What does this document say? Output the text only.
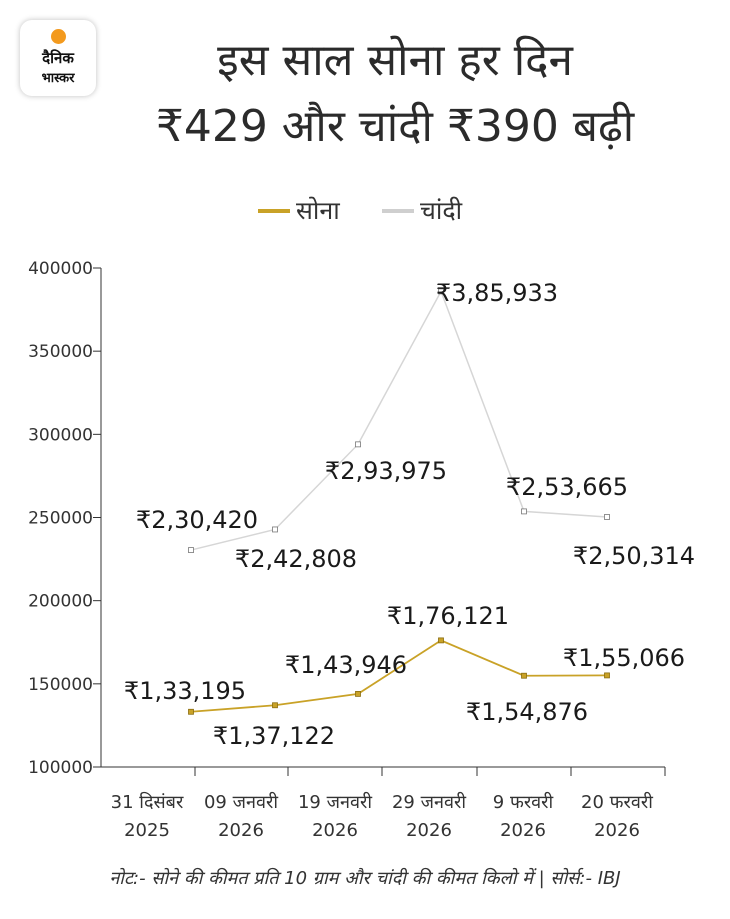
दैनिक
भास्कर	इस साल सोना हर दिन
₹429 और चांदी ₹390 बढ़ी
सोना	चांदी
100000
150000
200000
250000
300000
350000
400000
31 दिसंबर
2025
09 जनवरी
2026
19 जनवरी
2026
29 जनवरी
2026
9 फरवरी
2026
20 फरवरी
2026
₹1,33,195
₹1,37,122
₹1,43,946
₹1,76,121
₹1,54,876
₹1,55,066
₹2,30,420
₹2,42,808
₹2,93,975
₹3,85,933
₹2,53,665
₹2,50,314
नोट:- सोने की कीमत प्रति 10 ग्राम और चांदी की कीमत किलो में | सोर्स:- IBJ
